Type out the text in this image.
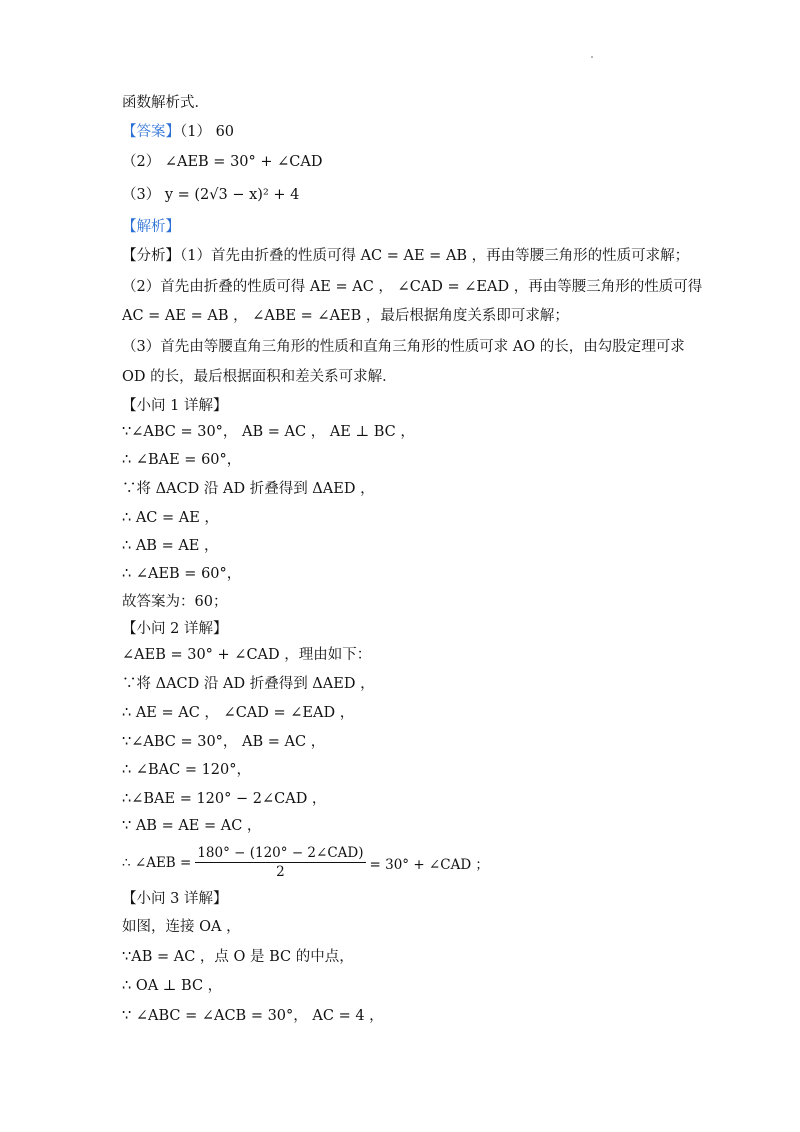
函数解析式．
【答案】（1） 60
（2） ∠AEB = 30° + ∠CAD
（3） y = (2√3 − x)² + 4
【解析】
【分析】（1）首先由折叠的性质可得 AC = AE = AB ，再由等腰三角形的性质可求解；
（2）首先由折叠的性质可得 AE = AC ， ∠CAD = ∠EAD ，再由等腰三角形的性质可得
AC = AE = AB ， ∠ABE = ∠AEB ，最后根据角度关系即可求解；
（3）首先由等腰直角三角形的性质和直角三角形的性质可求 AO 的长，由勾股定理可求
OD 的长，最后根据面积和差关系可求解．
【小问 1 详解】
∵∠ABC = 30°， AB = AC ， AE ⊥ BC ，
∴ ∠BAE = 60°，
∵将 ΔACD 沿 AD 折叠得到 ΔAED ，
∴ AC = AE ，
∴ AB = AE ，
∴ ∠AEB = 60°，
故答案为：60；
【小问 2 详解】
∠AEB = 30° + ∠CAD ，理由如下：
∵将 ΔACD 沿 AD 折叠得到 ΔAED ，
∴ AE = AC ， ∠CAD = ∠EAD ，
∵∠ABC = 30°， AB = AC ，
∴ ∠BAC = 120°，
∴∠BAE = 120° − 2∠CAD ，
∵ AB = AE = AC ，
∴ ∠AEB = $\frac{\text{180° − (120° − 2∠CAD)}}{2} = 30^\circ$ + ∠CAD ；
【小问 3 详解】
如图，连接 OA ，
∵AB = AC ，点 O 是 BC 的中点，
∴ OA ⊥ BC ，
∵ ∠ABC = ∠ACB = 30°， AC = 4 ，
